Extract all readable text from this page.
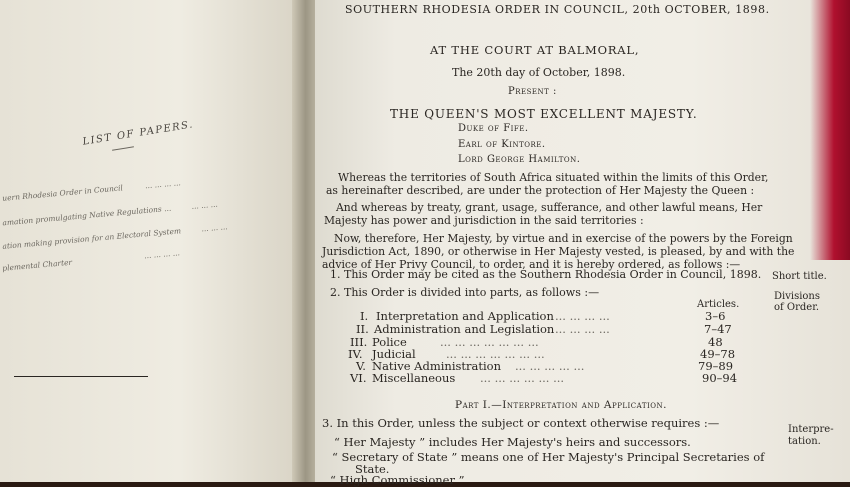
LIST OF PAPERS.
uern Rhodesia Order in Council	... ... ... ...
amation promulgating Native Regulations ...	... ... ...
ation making provision for an Electoral System	... ... ...
plemental Charter ... ... ... ...
SOUTHERN RHODESIA ORDER IN COUNCIL, 20th OCTOBER, 1898.
AT THE COURT AT BALMORAL,
The 20th day of October, 1898.
Present :
THE QUEEN'S MOST EXCELLENT MAJESTY.
Duke of Fife.
Earl of Kintore.
Lord George Hamilton.
Whereas the territories of South Africa situated within the limits of this Order,
as hereinafter described, are under the protection of Her Majesty the Queen :
And whereas by treaty, grant, usage, sufferance, and other lawful means, Her
Majesty has power and jurisdiction in the said territories :
Now, therefore, Her Majesty, by virtue and in exercise of the powers by the Foreign
Jurisdiction Act, 1890, or otherwise in Her Majesty vested, is pleased, by and with the
advice of Her Privy Council, to order, and it is hereby ordered, as follows :—
1. This Order may be cited as the Southern Rhodesia Order in Council, 1898. Short title.
2. This Order is divided into parts, as follows :—	Divisions
of Order.
Articles.
I. Interpretation and Application ... ... ... ...	3–6
II. Administration and Legislation ... ... ... ...	7–47
III. Police	... ... ... ... ... ... ...	48
IV. Judicial	... ... ... ... ... ... ...	49–78
V. Native Administration ... ... ... ... ...	79–89
VI. Miscellaneous ... ... ... ... ... ...	90–94
Part I.—Interpretation and Application.
3. In this Order, unless the subject or context otherwise requires :—	Interpre-
tation.
“ Her Majesty ” includes Her Majesty's heirs and successors.
“ Secretary of State ” means one of Her Majesty's Principal Secretaries of
State.
“ High Commissioner ”
